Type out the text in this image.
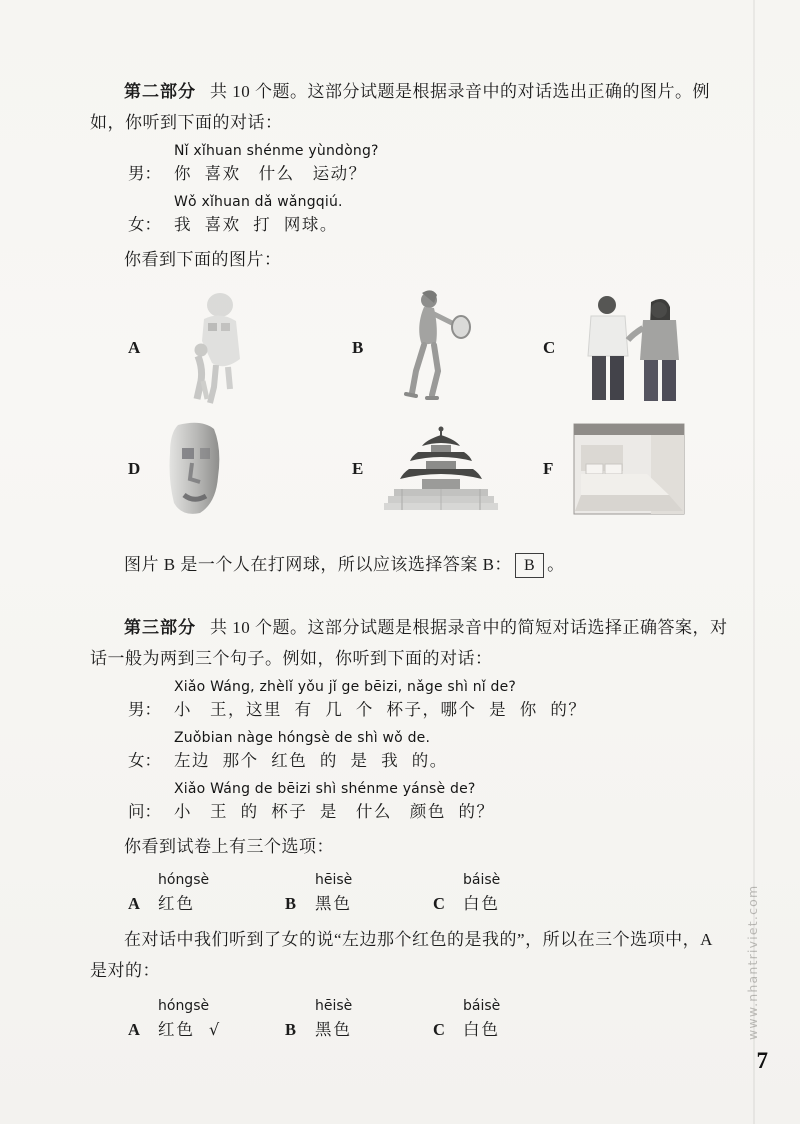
第二部分 共 10 个题。这部分试题是根据录音中的对话选出正确的图片。例如，你听到下面的对话：

Nǐ xǐhuan shénme yùndòng?
男： 你 喜欢　什么　运动？
Wǒ xǐhuan dǎ wǎngqiú.
女： 我 喜欢 打 网球。

你看到下面的图片：

A	B	C
D	E	F

图片 B 是一个人在打网球，所以应该选择答案 B： B 。

第三部分 共 10 个题。这部分试题是根据录音中的简短对话选择正确答案，对话一般为两到三个句子。例如，你听到下面的对话：

Xiǎo Wáng, zhèlǐ yǒu jǐ ge bēizi, nǎge shì nǐ de?
男： 小　王，这里 有 几 个 杯子，哪个 是 你 的？
Zuǒbian nàge hóngsè de shì wǒ de.
女： 左边 那个 红色 的 是 我 的。
Xiǎo Wáng de bēizi shì shénme yánsè de?
问： 小　王 的 杯子 是　什么　颜色 的？

你看到试卷上有三个选项：

hóngsè
A 红色
hēisè
B 黑色
báisè
C 白色

在对话中我们听到了女的说“左边那个红色的是我的”，所以在三个选项中，A 是对的：

hóngsè
A 红色 √
hēisè
B 黑色
báisè
C 白色	www.nhantriviet.com
7
